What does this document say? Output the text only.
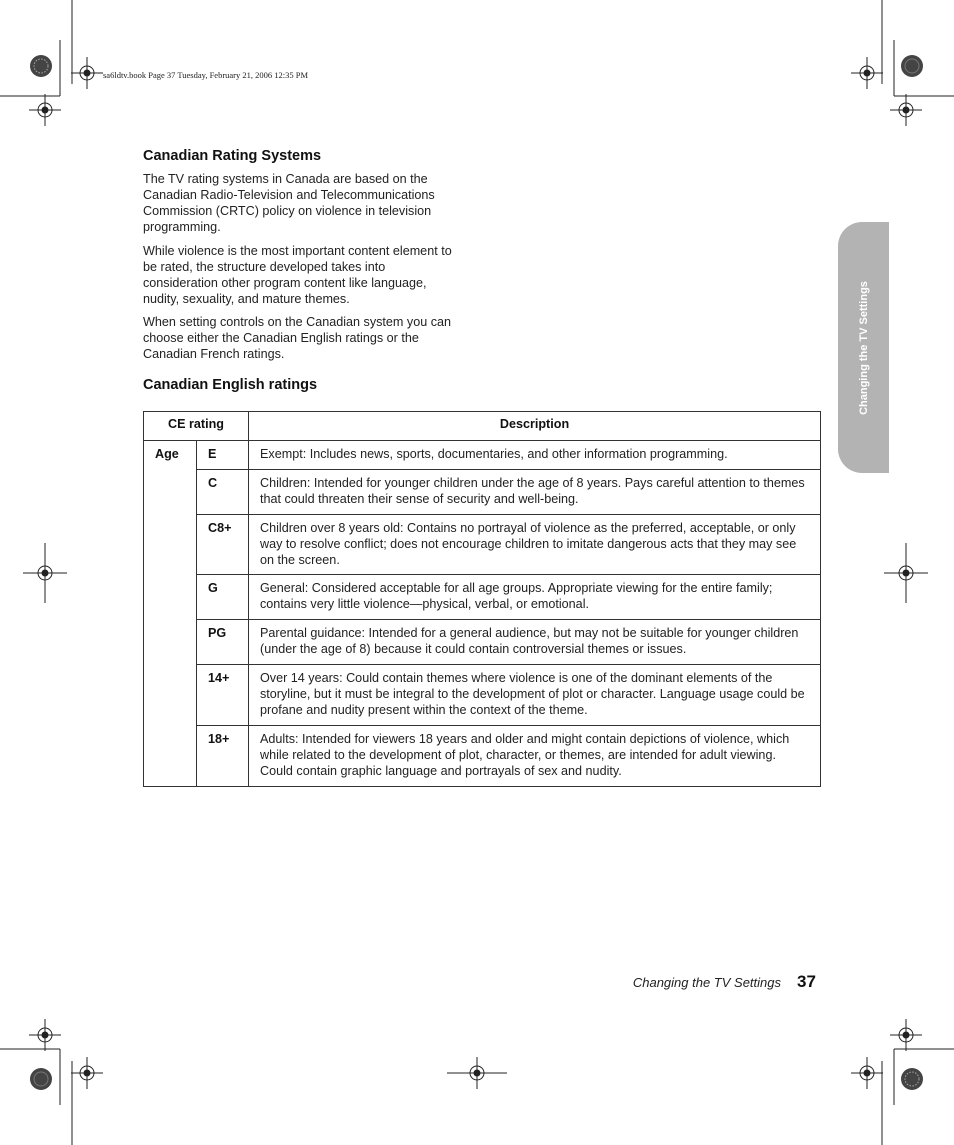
sa6ldtv.book Page 37 Tuesday, February 21, 2006 12:35 PM
Changing the TV Settings
Canadian Rating Systems

The TV rating systems in Canada are based on the Canadian Radio-Television and Telecommunications Commission (CRTC) policy on violence in television programming.

While violence is the most important content element to be rated, the structure developed takes into consideration other program content like language, nudity, sexuality, and mature themes.

When setting controls on the Canadian system you can choose either the Canadian English ratings or the Canadian French ratings.

Canadian English ratings
CE rating		Description
Age	E	Exempt: Includes news, sports, documentaries, and other information programming.
	C	Children: Intended for younger children under the age of 8 years. Pays careful attention to themes that could threaten their sense of security and well-being.
	C8+	Children over 8 years old: Contains no portrayal of violence as the preferred, acceptable, or only way to resolve conflict; does not encourage children to imitate dangerous acts that they may see on the screen.
	G	General: Considered acceptable for all age groups. Appropriate viewing for the entire family; contains very little violence—physical, verbal, or emotional.
	PG	Parental guidance: Intended for a general audience, but may not be suitable for younger children (under the age of 8) because it could contain controversial themes or issues.
	14+	Over 14 years: Could contain themes where violence is one of the dominant elements of the storyline, but it must be integral to the development of plot or character. Language usage could be profane and nudity present within the context of the theme.
	18+	Adults: Intended for viewers 18 years and older and might contain depictions of violence, which while related to the development of plot, character, or themes, are intended for adult viewing. Could contain graphic language and portrayals of sex and nudity.
Changing the TV Settings 37
